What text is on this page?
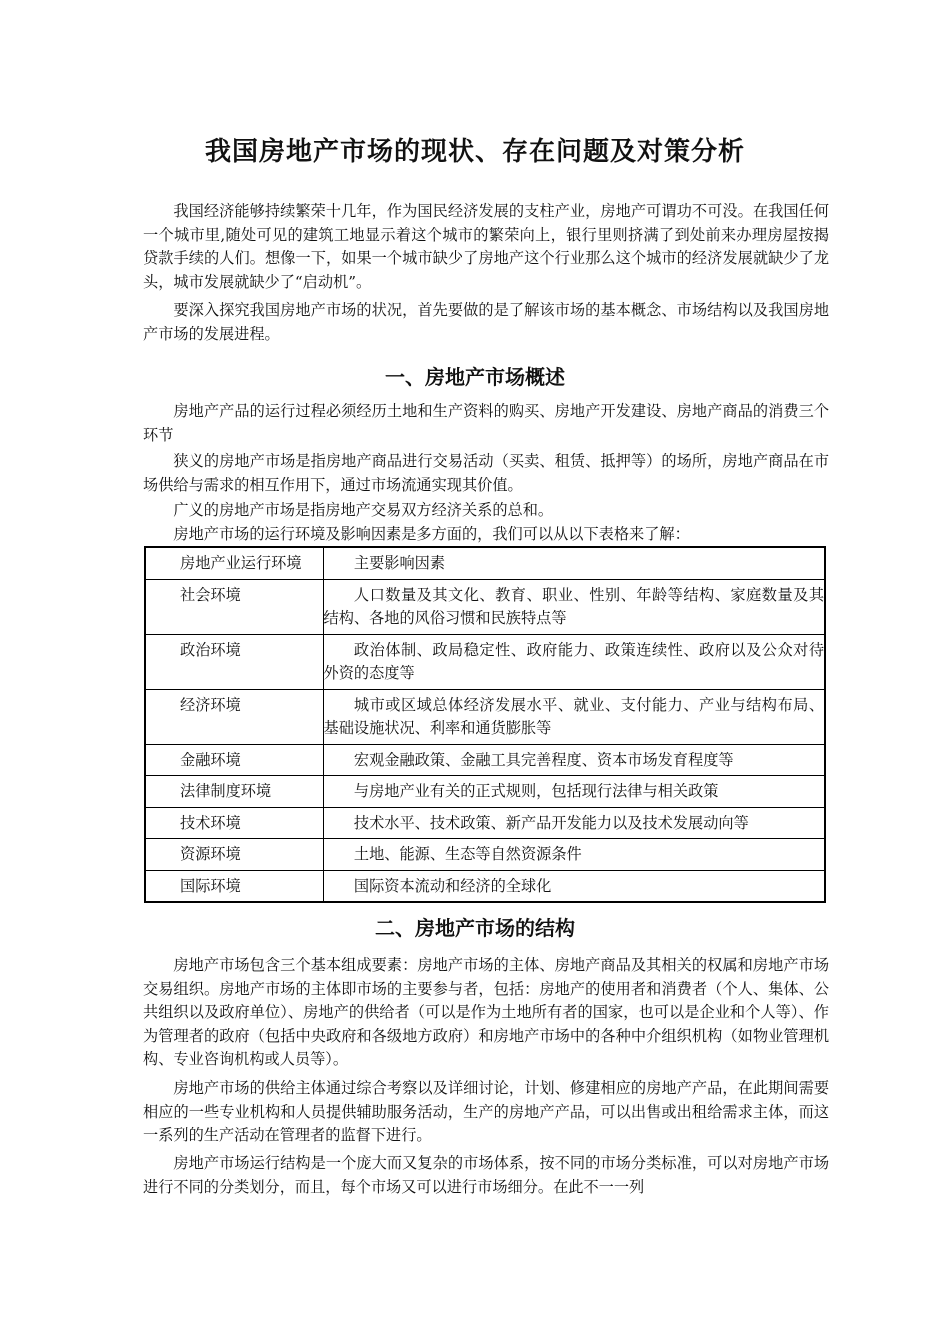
我国房地产市场的现状、存在问题及对策分析

我国经济能够持续繁荣十几年，作为国民经济发展的支柱产业，房地产可谓功不可没。在我国任何一个城市里,随处可见的建筑工地显示着这个城市的繁荣向上，银行里则挤满了到处前来办理房屋按揭贷款手续的人们。想像一下，如果一个城市缺少了房地产这个行业那么这个城市的经济发展就缺少了龙头，城市发展就缺少了“启动机”。

要深入探究我国房地产市场的状况，首先要做的是了解该市场的基本概念、市场结构以及我国房地产市场的发展进程。

一、房地产市场概述

房地产产品的运行过程必须经历土地和生产资料的购买、房地产开发建设、房地产商品的消费三个环节

狭义的房地产市场是指房地产商品进行交易活动（买卖、租赁、抵押等）的场所，房地产商品在市场供给与需求的相互作用下，通过市场流通实现其价值。

广义的房地产市场是指房地产交易双方经济关系的总和。

房地产市场的运行环境及影响因素是多方面的，我们可以从以下表格来了解：

房地产业运行环境	主要影响因素
社会环境	人口数量及其文化、教育、职业、性别、年龄等结构、家庭数量及其结构、各地的风俗习惯和民族特点等
政治环境	政治体制、政局稳定性、政府能力、政策连续性、政府以及公众对待外资的态度等
经济环境	城市或区域总体经济发展水平、就业、支付能力、产业与结构布局、基础设施状况、利率和通货膨胀等
金融环境	宏观金融政策、金融工具完善程度、资本市场发育程度等
法律制度环境	与房地产业有关的正式规则，包括现行法律与相关政策
技术环境	技术水平、技术政策、新产品开发能力以及技术发展动向等
资源环境	土地、能源、生态等自然资源条件
国际环境	国际资本流动和经济的全球化
二、房地产市场的结构

房地产市场包含三个基本组成要素：房地产市场的主体、房地产商品及其相关的权属和房地产市场交易组织。房地产市场的主体即市场的主要参与者，包括：房地产的使用者和消费者（个人、集体、公共组织以及政府单位）、房地产的供给者（可以是作为土地所有者的国家，也可以是企业和个人等）、作为管理者的政府（包括中央政府和各级地方政府）和房地产市场中的各种中介组织机构（如物业管理机构、专业咨询机构或人员等）。

房地产市场的供给主体通过综合考察以及详细讨论，计划、修建相应的房地产产品，在此期间需要相应的一些专业机构和人员提供辅助服务活动，生产的房地产产品，可以出售或出租给需求主体，而这一系列的生产活动在管理者的监督下进行。

房地产市场运行结构是一个庞大而又复杂的市场体系，按不同的市场分类标准，可以对房地产市场进行不同的分类划分，而且，每个市场又可以进行市场细分。在此不一一列
